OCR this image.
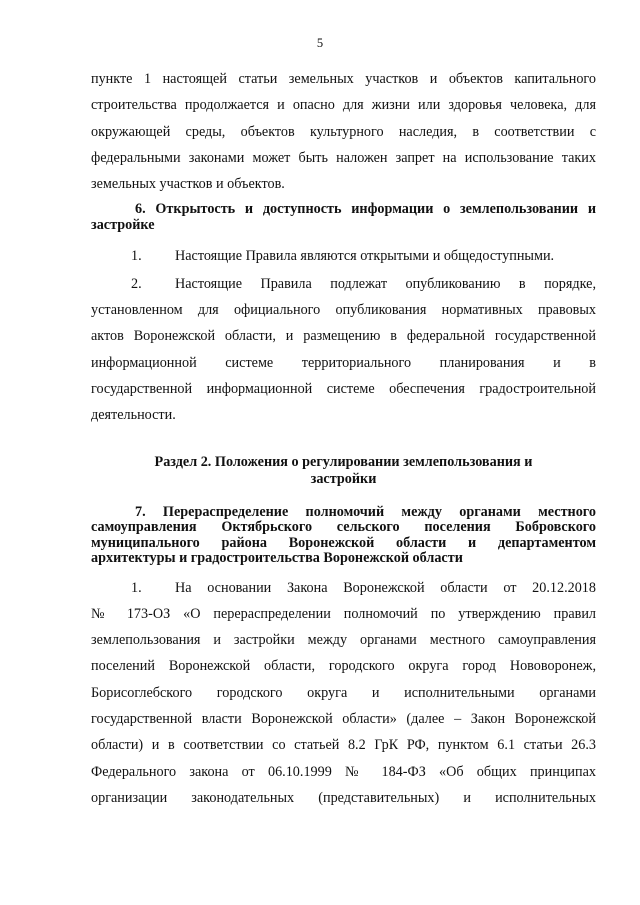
5
пункте 1 настоящей статьи земельных участков и объектов капитального
строительства продолжается и опасно для жизни или здоровья человека, для
окружающей среды, объектов культурного наследия, в соответствии с
федеральными законами может быть наложен запрет на использование таких
земельных участков и объектов.
6. Открытость и доступность информации о землепользовании и
застройке
1. Настоящие Правила являются открытыми и общедоступными.
2.	Настоящие Правила подлежат опубликованию в порядке,
установленном для официального опубликования нормативных правовых
актов Воронежской области, и размещению в федеральной государственной
информационной системе территориального планирования и в
государственной информационной системе обеспечения градостроительной
деятельности.
Раздел 2. Положения о регулировании землепользования и
застройки
7. Перераспределение полномочий между органами местного
самоуправления Октябрьского сельского поселения Бобровского
муниципального района Воронежской области и департаментом
архитектуры и градостроительства Воронежской области
1.	На основании Закона Воронежской области от 20.12.2018
№ 173-ОЗ «О перераспределении полномочий по утверждению правил
землепользования и застройки между органами местного самоуправления
поселений Воронежской области, городского округа город Нововоронеж,
Борисоглебского городского округа и исполнительными органами
государственной власти Воронежской области» (далее – Закон Воронежской
области) и в соответствии со статьей 8.2 ГрК РФ, пунктом 6.1 статьи 26.3
Федерального закона от 06.10.1999 № 184-ФЗ «Об общих принципах
организации законодательных (представительных) и исполнительных
